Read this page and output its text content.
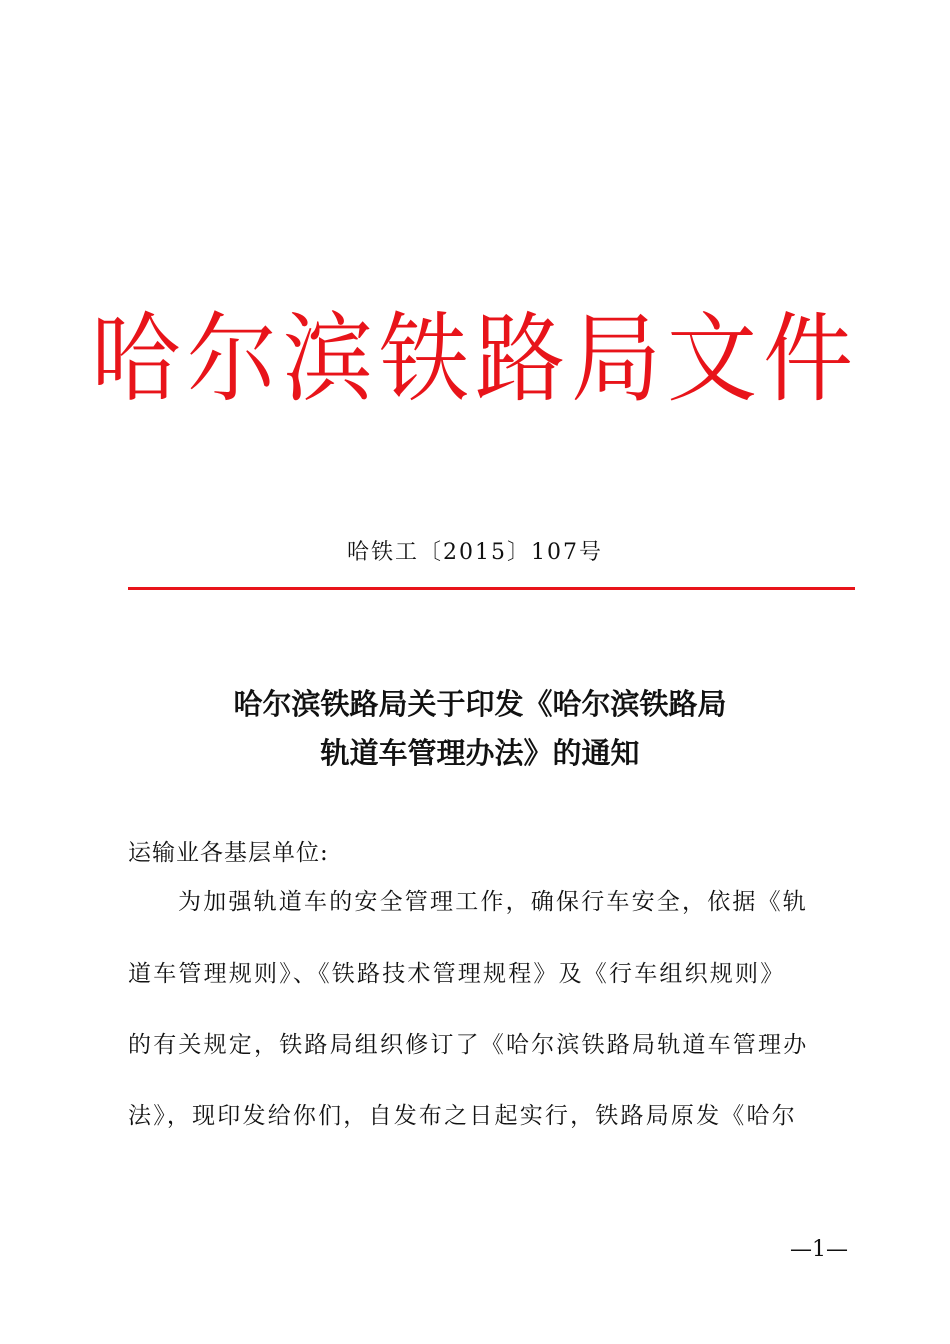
哈尔滨铁路局文件
哈铁工〔2015〕107号
哈尔滨铁路局关于印发《哈尔滨铁路局
轨道车管理办法》的通知
运输业各基层单位:
为加强轨道车的安全管理工作，确保行车安全，依据《轨
道车管理规则》、《铁路技术管理规程》及《行车组织规则》
的有关规定，铁路局组织修订了《哈尔滨铁路局轨道车管理办
法》，现印发给你们，自发布之日起实行，铁路局原发《哈尔
—1—
